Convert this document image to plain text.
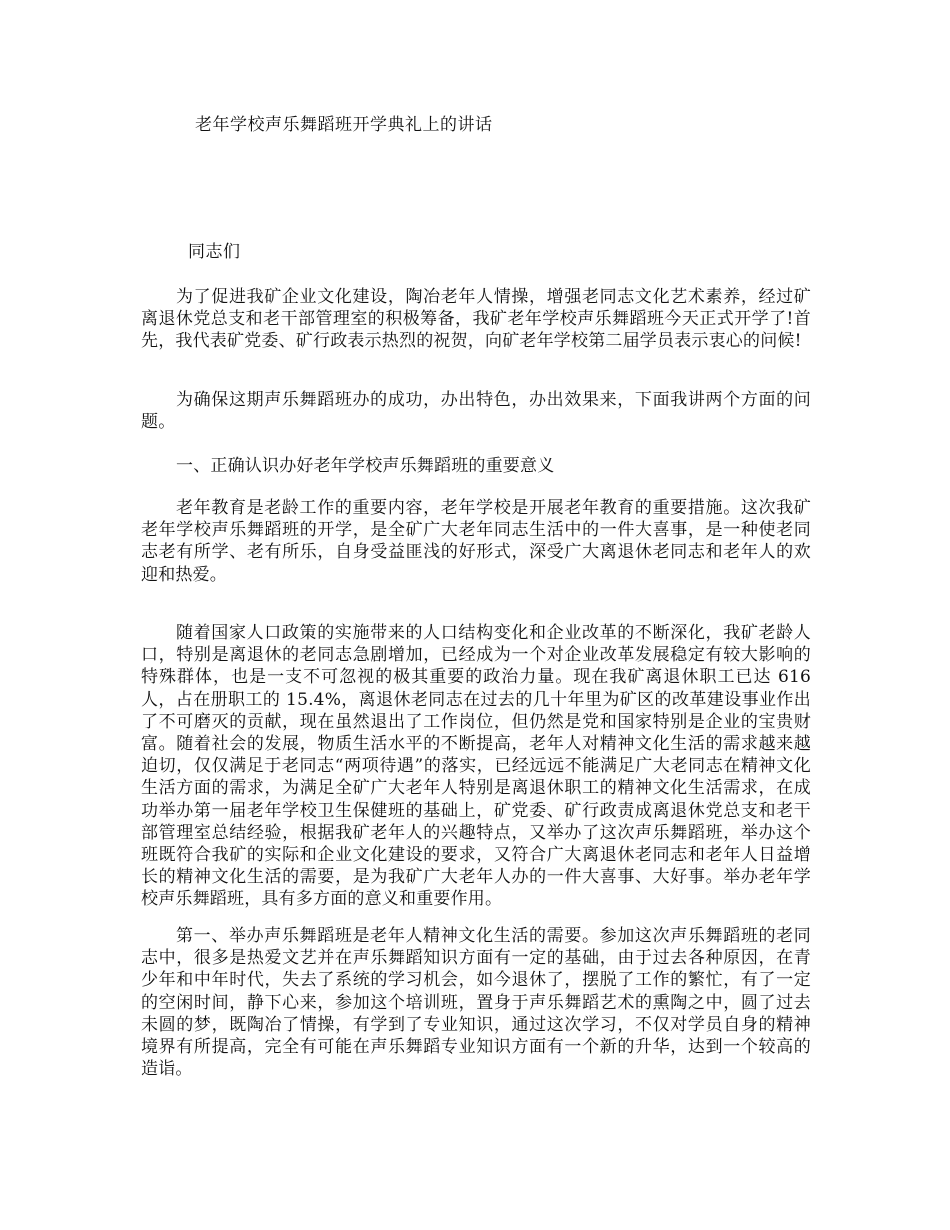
老年学校声乐舞蹈班开学典礼上的讲话
同志们

为了促进我矿企业文化建设，陶冶老年人情操，增强老同志文化艺术素养，经过矿离退休党总支和老干部管理室的积极筹备，我矿老年学校声乐舞蹈班今天正式开学了!首先，我代表矿党委、矿行政表示热烈的祝贺，向矿老年学校第二届学员表示衷心的问候!

为确保这期声乐舞蹈班办的成功，办出特色，办出效果来，下面我讲两个方面的问题。

一、正确认识办好老年学校声乐舞蹈班的重要意义

老年教育是老龄工作的重要内容，老年学校是开展老年教育的重要措施。这次我矿老年学校声乐舞蹈班的开学，是全矿广大老年同志生活中的一件大喜事，是一种使老同志老有所学、老有所乐，自身受益匪浅的好形式，深受广大离退休老同志和老年人的欢迎和热爱。

随着国家人口政策的实施带来的人口结构变化和企业改革的不断深化，我矿老龄人口，特别是离退休的老同志急剧增加，已经成为一个对企业改革发展稳定有较大影响的特殊群体，也是一支不可忽视的极其重要的政治力量。现在我矿离退休职工已达 616 人，占在册职工的 15.4%，离退休老同志在过去的几十年里为矿区的改革建设事业作出了不可磨灭的贡献，现在虽然退出了工作岗位，但仍然是党和国家特别是企业的宝贵财富。随着社会的发展，物质生活水平的不断提高，老年人对精神文化生活的需求越来越迫切，仅仅满足于老同志“两项待遇”的落实，已经远远不能满足广大老同志在精神文化生活方面的需求，为满足全矿广大老年人特别是离退休职工的精神文化生活需求，在成功举办第一届老年学校卫生保健班的基础上，矿党委、矿行政责成离退休党总支和老干部管理室总结经验，根据我矿老年人的兴趣特点，又举办了这次声乐舞蹈班，举办这个班既符合我矿的实际和企业文化建设的要求，又符合广大离退休老同志和老年人日益增长的精神文化生活的需要，是为我矿广大老年人办的一件大喜事、大好事。举办老年学校声乐舞蹈班，具有多方面的意义和重要作用。

第一、举办声乐舞蹈班是老年人精神文化生活的需要。参加这次声乐舞蹈班的老同志中，很多是热爱文艺并在声乐舞蹈知识方面有一定的基础，由于过去各种原因，在青少年和中年时代，失去了系统的学习机会，如今退休了，摆脱了工作的繁忙，有了一定的空闲时间，静下心来，参加这个培训班，置身于声乐舞蹈艺术的熏陶之中，圆了过去未圆的梦，既陶冶了情操，有学到了专业知识，通过这次学习，不仅对学员自身的精神境界有所提高，完全有可能在声乐舞蹈专业知识方面有一个新的升华，达到一个较高的造诣。
